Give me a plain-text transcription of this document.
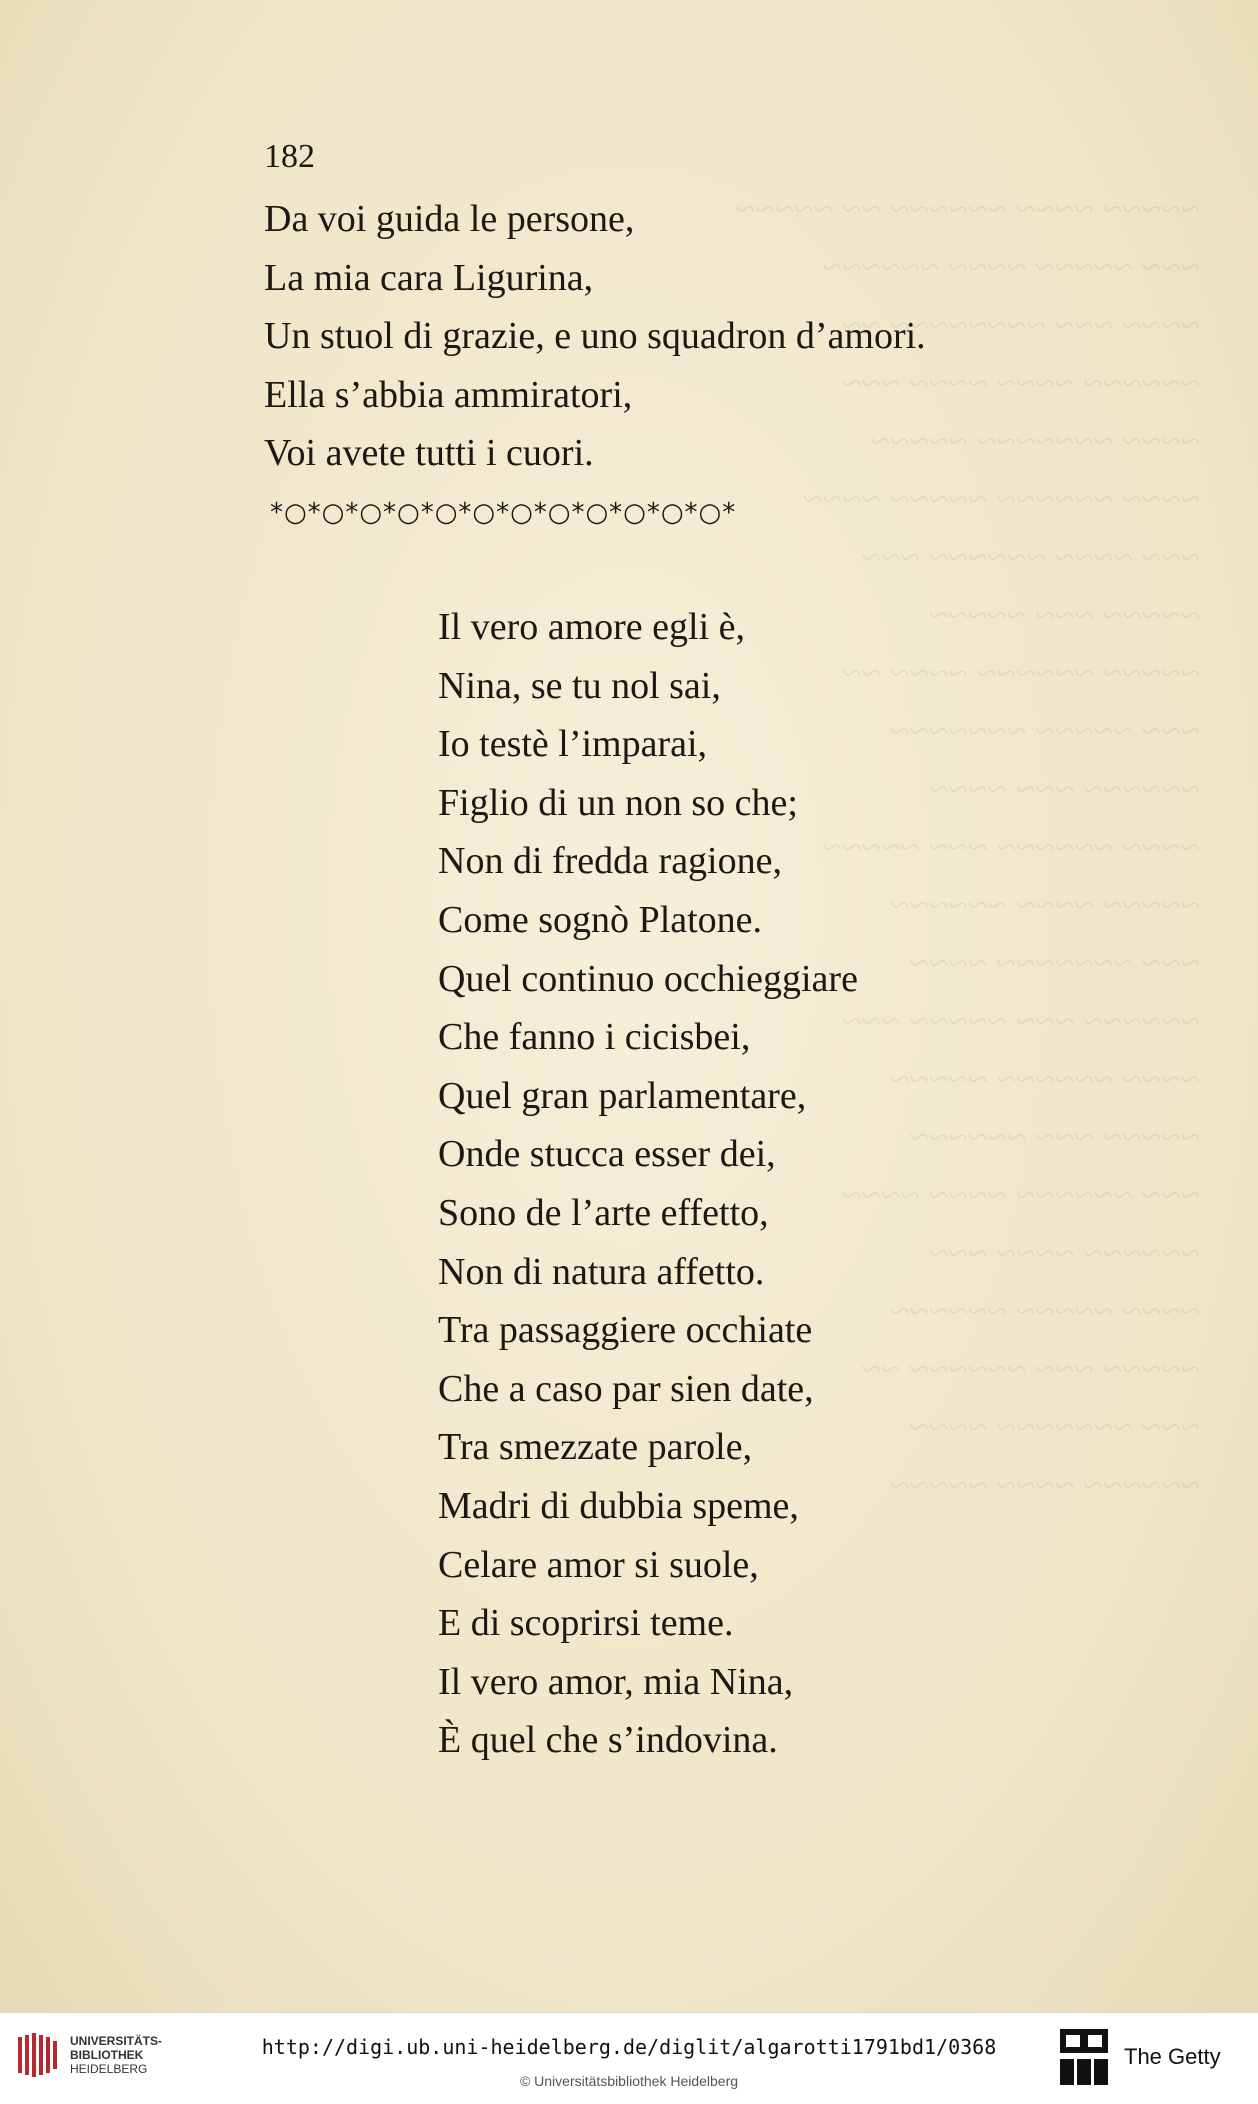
~~~~~ ~~~~ ~~~~~~ ~~ ~~~~~
~~~ ~~~~~ ~~~~ ~~~~~~
~~~~ ~~~ ~~~~~~~~ ~~
~~~~~~ ~~~~ ~~~~ ~~~
~~~~ ~~~~~~~ ~~~~~
~~~~ ~~~~~~ ~~~~~ ~~~~
~~~ ~~~~ ~~~~~~ ~~~
~~~~~ ~~~ ~~~~~
~~~~~ ~~~~~~ ~~~~ ~~
~~~ ~~~~~ ~~~~~~~
~~~~~~ ~~~ ~~~~
~~~~ ~~~~~~ ~~~ ~~~~~
~~~~~ ~~~~ ~~~~~~
~~~ ~~~~~~~ ~~~~
~~~~~~ ~~~ ~~~~~ ~~~
~~~~ ~~~~~~ ~~~~~
~~~~~ ~~~ ~~~~~~
~~~ ~~~~~~ ~~~~ ~~~~
~~~~~~ ~~~~ ~~~
~~~~ ~~~~~ ~~~~~~
~~~~~ ~~~ ~~~~~~ ~~
~~~ ~~~~~~~ ~~~~
~~~~~~ ~~~~ ~~~~~
182
Da voi guida le persone,
La mia cara Ligurina,
Un stuol di grazie, e uno squadron d’amori.
Ella s’abbia ammiratori,
Voi avete tutti i cuori.
*○*○*○*○*○*○*○*○*○*○*○*○*
Il vero amore egli è,
Nina, se tu nol sai,
Io testè l’imparai,
Figlio di un non so che;
Non di fredda ragione,
Come sognò Platone.
Quel continuo occhieggiare
Che fanno i cicisbei,
Quel gran parlamentare,
Onde stucca esser dei,
Sono de l’arte effetto,
Non di natura affetto.
Tra passaggiere occhiate
Che a caso par sien date,
Tra smezzate parole,
Madri di dubbia speme,
Celare amor si suole,
E di scoprirsi teme.
Il vero amor, mia Nina,
È quel che s’indovina.
UNIVERSITÄTS-
BIBLIOTHEK
HEIDELBERG
http://digi.ub.uni-heidelberg.de/diglit/algarotti1791bd1/0368
© Universitätsbibliothek Heidelberg
The Getty
